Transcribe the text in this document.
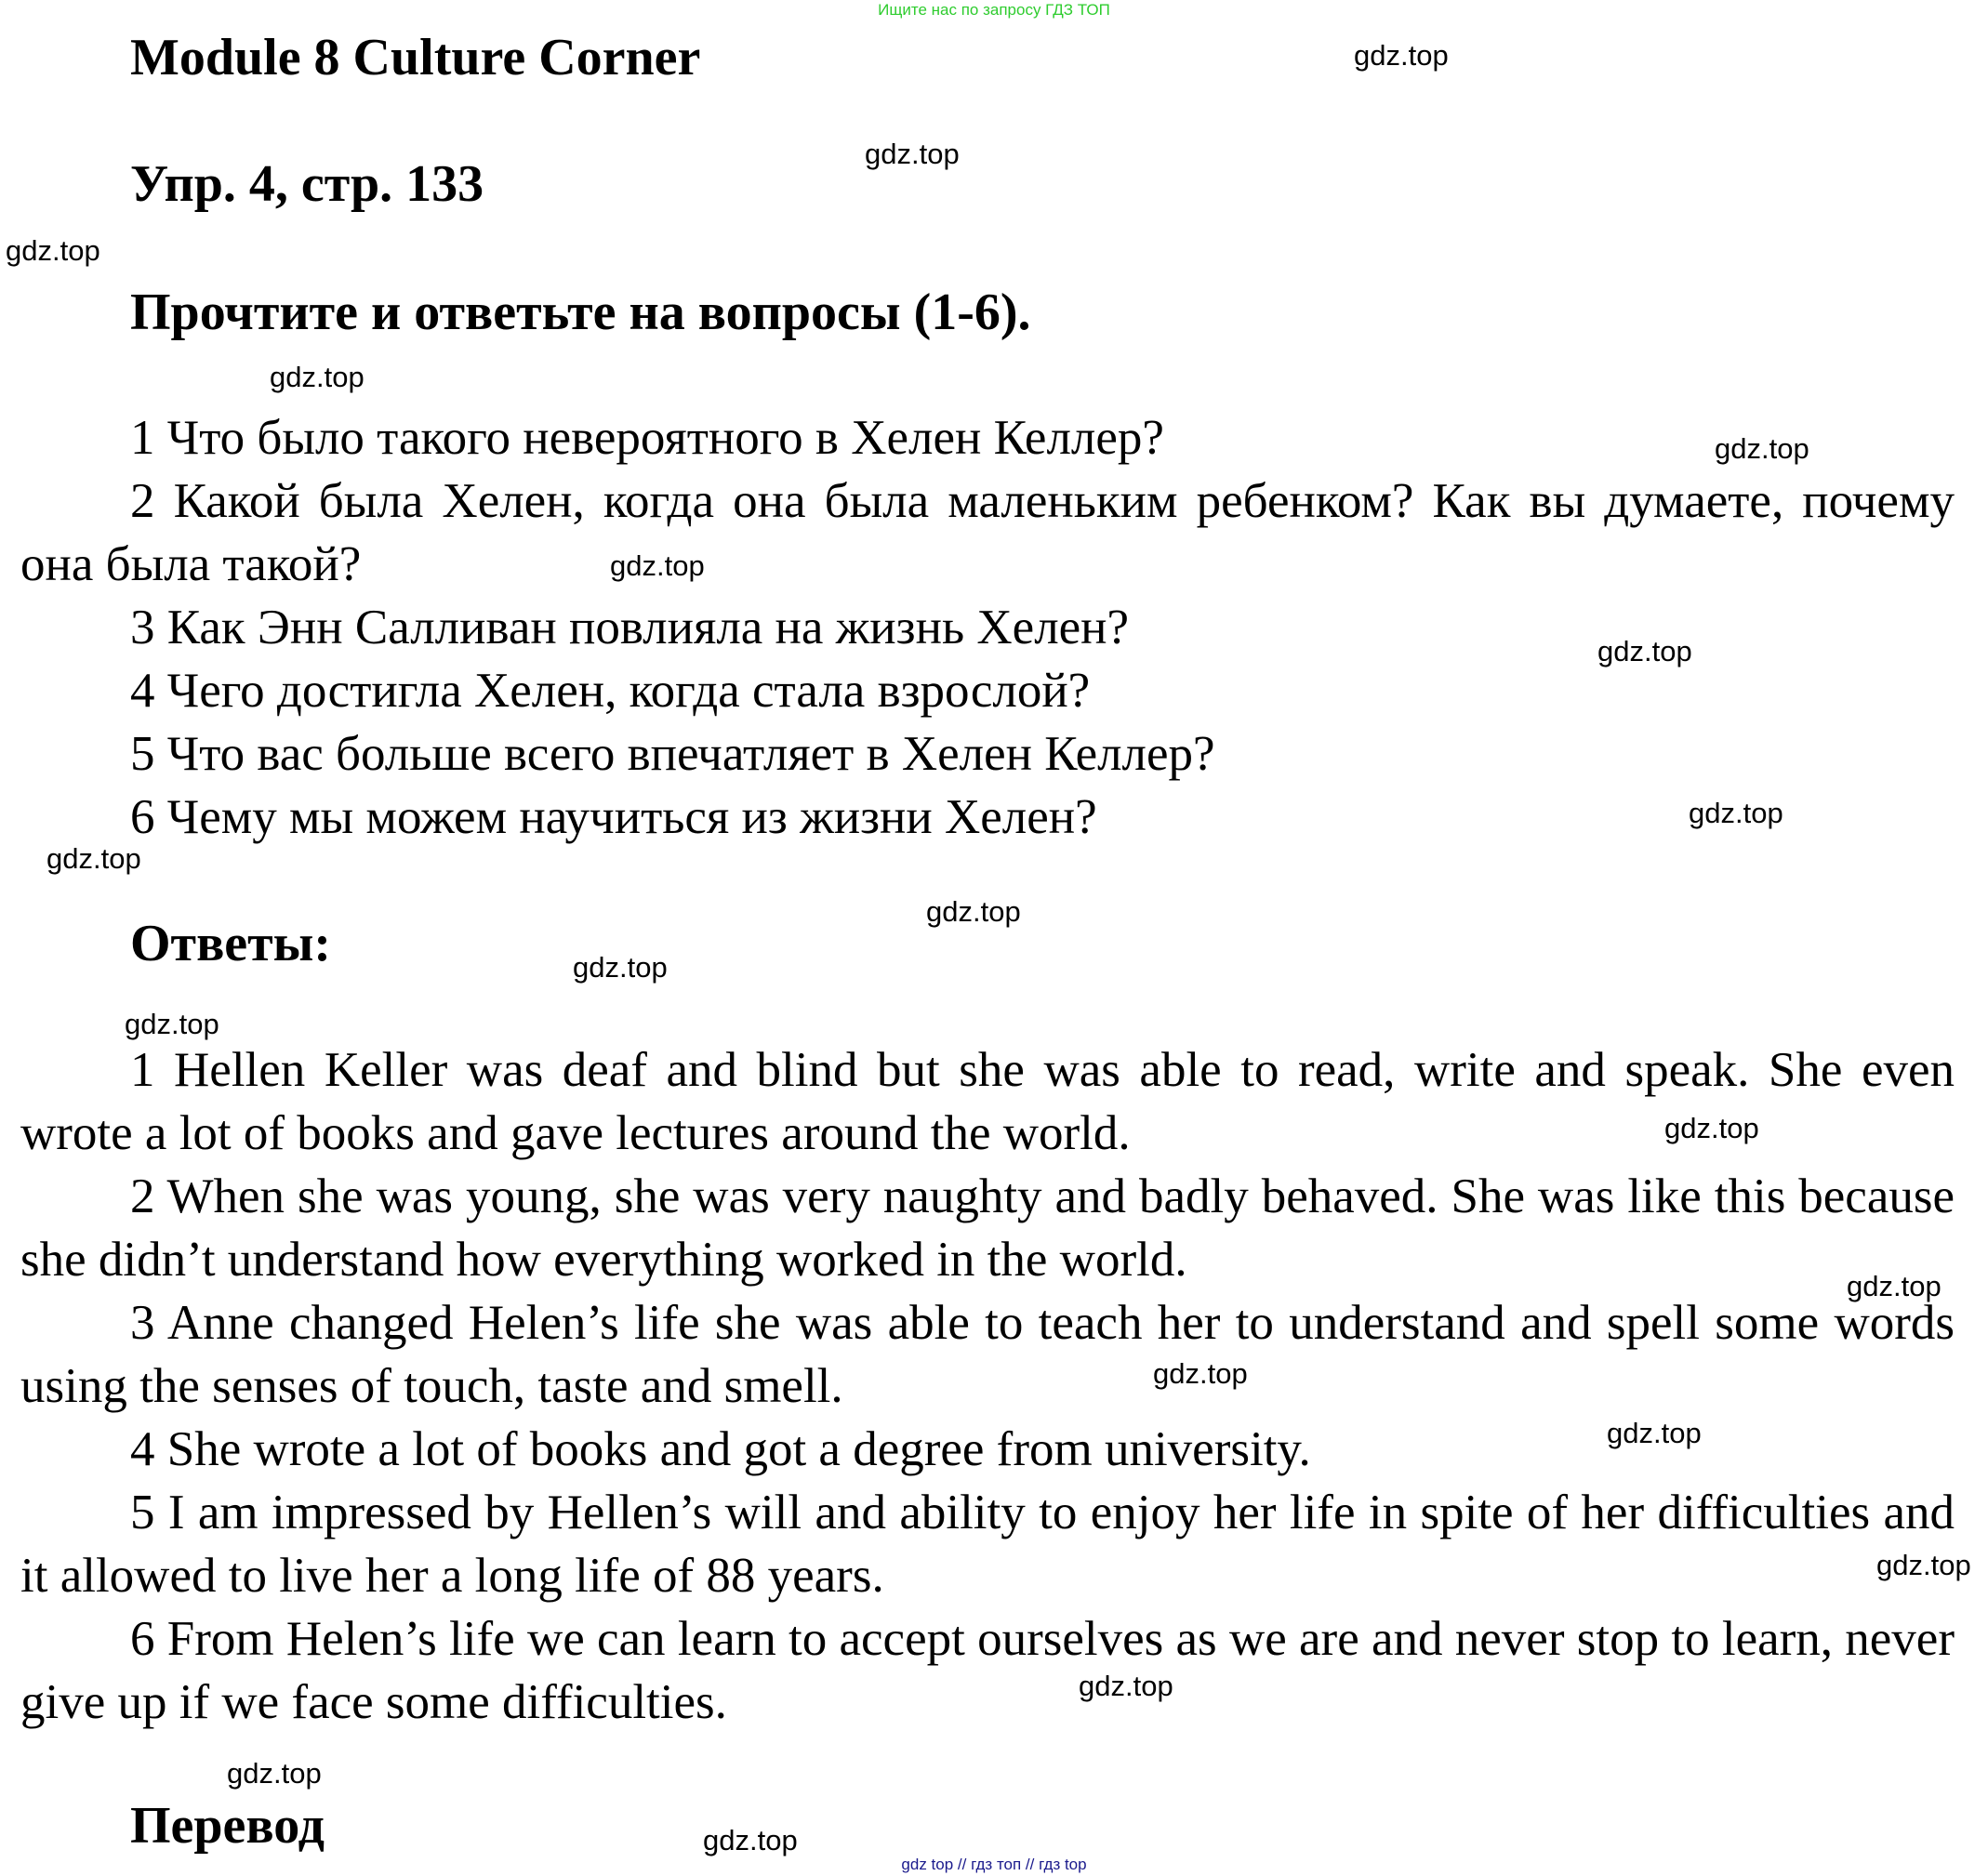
Ищите нас по запросу ГДЗ ТОП
Module 8 Culture Corner
Упр. 4, стр. 133
Прочтите и ответьте на вопросы (1-6).
1 Что было такого невероятного в Хелен Келлер?
2 Какой была Хелен, когда она была маленьким ребенком? Как вы думаете, почему она была такой?
3 Как Энн Салливан повлияла на жизнь Хелен?
4 Чего достигла Хелен, когда стала взрослой?
5 Что вас больше всего впечатляет в Хелен Келлер?
6 Чему мы можем научиться из жизни Хелен?
Ответы:
1 Hellen Keller was deaf and blind but she was able to read, write and speak. She even wrote a lot of books and gave lectures around the world.
2 When she was young, she was very naughty and badly behaved. She was like this because she didn’t understand how everything worked in the world.
3 Anne changed Helen’s life she was able to teach her to understand and spell some words using the senses of touch, taste and smell.
4 She wrote a lot of books and got a degree from university.
5 I am impressed by Hellen’s will and ability to enjoy her life in spite of her difficulties and it allowed to live her a long life of 88 years.
6 From Helen’s life we can learn to accept ourselves as we are and never stop to learn, never give up if we face some difficulties.
Перевод
gdz.top
gdz.top
gdz.top
gdz.top
gdz.top
gdz.top
gdz.top
gdz.top
gdz.top
gdz.top
gdz.top
gdz.top
gdz.top
gdz.top
gdz.top
gdz.top
gdz.top
gdz.top
gdz.top
gdz.top
gdz top // гдз топ // гдз top
